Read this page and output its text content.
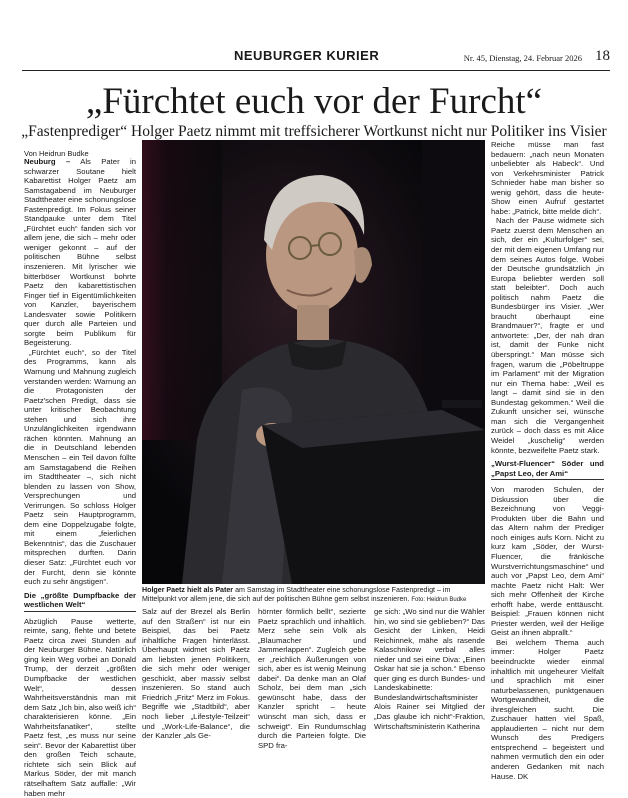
NEUBURGER KURIER	Nr. 45, Dienstag, 24. Februar 2026 18
„Fürchtet euch vor der Furcht“
„Fastenprediger“ Holger Paetz nimmt mit treffsicherer Wortkunst nicht nur Politiker ins Visier
Von Heidrun Budke

Neuburg – Als Pater in schwarzer Soutane hielt Kabarettist Holger Paetz am Samstagabend im Neuburger Stadttheater eine schonungslose Fastenpredigt. Im Fokus seiner Standpauke unter dem Titel „Fürchtet euch“ fanden sich vor allem jene, die sich – mehr oder weniger gekonnt – auf der politischen Bühne selbst inszenieren. Mit lyrischer wie bitterböser Wortkunst bohrte Paetz den kabarettistischen Finger tief in Eigentümlichkeiten von Kanzler, bayerischem Landesvater sowie Politikern quer durch alle Parteien und sorgte beim Publikum für Begeisterung.

„Fürchtet euch“, so der Titel des Programms, kann als Warnung und Mahnung zugleich verstanden werden: Warnung an die Protagonisten der Paetz'schen Predigt, dass sie unter kritischer Beobachtung stehen und sich ihre Unzulänglichkeiten irgendwann rächen könnten. Mahnung an die in Deutschland lebenden Menschen – ein Teil davon füllte am Samstagabend die Reihen im Stadttheater –, sich nicht blenden zu lassen von Show, Versprechungen und Verirrungen. So schloss Holger Paetz sein Hauptprogramm, dem eine Doppelzugabe folgte, mit einem „feierlichen Bekenntnis“, das die Zuschauer mitsprechen durften. Darin dieser Satz: „Fürchtet euch vor der Furcht, denn sie könnte euch zu sehr ängstigen“.

Die „größte Dumpfbacke der westlichen Welt“

Abzüglich Pause wetterte, reimte, sang, flehte und betete Paetz circa zwei Stunden auf der Neuburger Bühne. Natürlich ging kein Weg vorbei an Donald Trump, der derzeit „größten Dumpfbacke der westlichen Welt“, dessen Wahrheitsverständnis man mit dem Satz „Ich bin, also weiß ich“ charakterisieren könne. „Ein Wahrheitsfanatiker“, stellte Paetz fest, „es muss nur seine sein“. Bevor der Kabarettist über den großen Teich schaute, richtete sich sein Blick auf Markus Söder, der mit manch rätselhaftem Satz auffalle: „Wir haben mehr

Holger Paetz hielt als Pater am Samstag im Stadttheater eine schonungslose Fastenpredigt – im Mittelpunkt vor allem jene, die sich auf der politischen Bühne gern selbst inszenieren. Foto: Heidrun Budke

Salz auf der Brezel als Berlin auf den Straßen“ ist nur ein Beispiel, das bei Paetz inhaltliche Fragen hinterlässt. Überhaupt widmet sich Paetz am liebsten jenen Politikern, die sich mehr oder weniger geschickt, aber massiv selbst inszenieren. So stand auch Friedrich „Fritz“ Merz im Fokus. Begriffe wie „Stadtbild“, aber noch lieber „Lifestyle-Teilzeit“ und „Work-Life-Balance“, die der Kanzler „als Ge-

hörnter förmlich bellt“, sezierte Paetz sprachlich und inhaltlich. Merz sehe sein Volk als „Blaumacher und Jammerlappen“. Zugleich gebe er „reichlich Äußerungen von sich, aber es ist wenig Meinung dabei“. Da denke man an Olaf Scholz, bei dem man „sich gewünscht habe, dass der Kanzler spricht – heute wünscht man sich, dass er schweigt“. Ein Rundumschlag durch die Parteien folgte. Die SPD fra-

ge sich: „Wo sind nur die Wähler hin, wo sind sie geblieben?“ Das Gesicht der Linken, Heidi Reichinnek, mähe als rasende Kalaschnikow verbal alles nieder und sei eine Diva: „Einen Oskar hat sie ja schon.“ Ebenso quer ging es durch Bundes- und Landeskabinette: Bundeslandwirtschaftsminister Alois Rainer sei Mitglied der „Das glaube ich nicht“-Fraktion, Wirtschaftsministerin Katherina

Reiche müsse man fast bedauern: „nach neun Monaten unbeliebter als Habeck“. Und von Verkehrsminister Patrick Schnieder habe man bisher so wenig gehört, dass die heute-Show einen Aufruf gestartet habe: „Patrick, bitte melde dich“.

Nach der Pause widmete sich Paetz zuerst dem Menschen an sich, der ein „Kulturfolger“ sei, der mit dem eigenen Umfang nur dem seines Autos folge. Wobei der Deutsche grundsätzlich „in Europa beliebter werden soll statt beleibter“. Doch auch politisch nahm Paetz die Bundesbürger ins Visier. „Wer braucht überhaupt eine Brandmauer?“, fragte er und antwortete: „Der, der nah dran ist, damit der Funke nicht überspringt.“ Man müsse sich fragen, warum die „Pöbeltruppe im Parlament“ mit der Migration nur ein Thema habe: „Weil es langt – damit sind sie in den Bundestag gekommen.“ Weil die Zukunft unsicher sei, wünsche man sich die Vergangenheit zurück – doch dass es mit Alice Weidel „kuschelig“ werden könnte, bezweifelte Paetz stark.

„Wurst-Fluencer“ Söder und „Papst Leo, der Ami“

Von maroden Schulen, der Diskussion über die Bezeichnung von Veggi-Produkten über die Bahn und das Altern nahm der Prediger noch einiges aufs Korn. Nicht zu kurz kam „Söder, der Wurst-Fluencer, die fränkische Wurstverrichtungsmaschine“ und auch vor „Papst Leo, dem Ami“ machte Paetz nicht Halt: Wer sich mehr Offenheit der Kirche erhofft habe, werde enttäuscht. Beispiel: „Frauen können nicht Priester werden, weil der Heilige Geist an ihnen abprallt.“

Bei welchem Thema auch immer: Holger Paetz beeindruckte wieder einmal inhaltlich mit ungeheurer Vielfalt und sprachlich mit einer naturbelassenen, punktgenauen Wortgewandtheit, die ihresgleichen sucht. Die Zuschauer hatten viel Spaß, applaudierten – nicht nur dem Wunsch des Predigers entsprechend – begeistert und nahmen vermutlich den ein oder anderen Gedanken mit nach Hause. DK
